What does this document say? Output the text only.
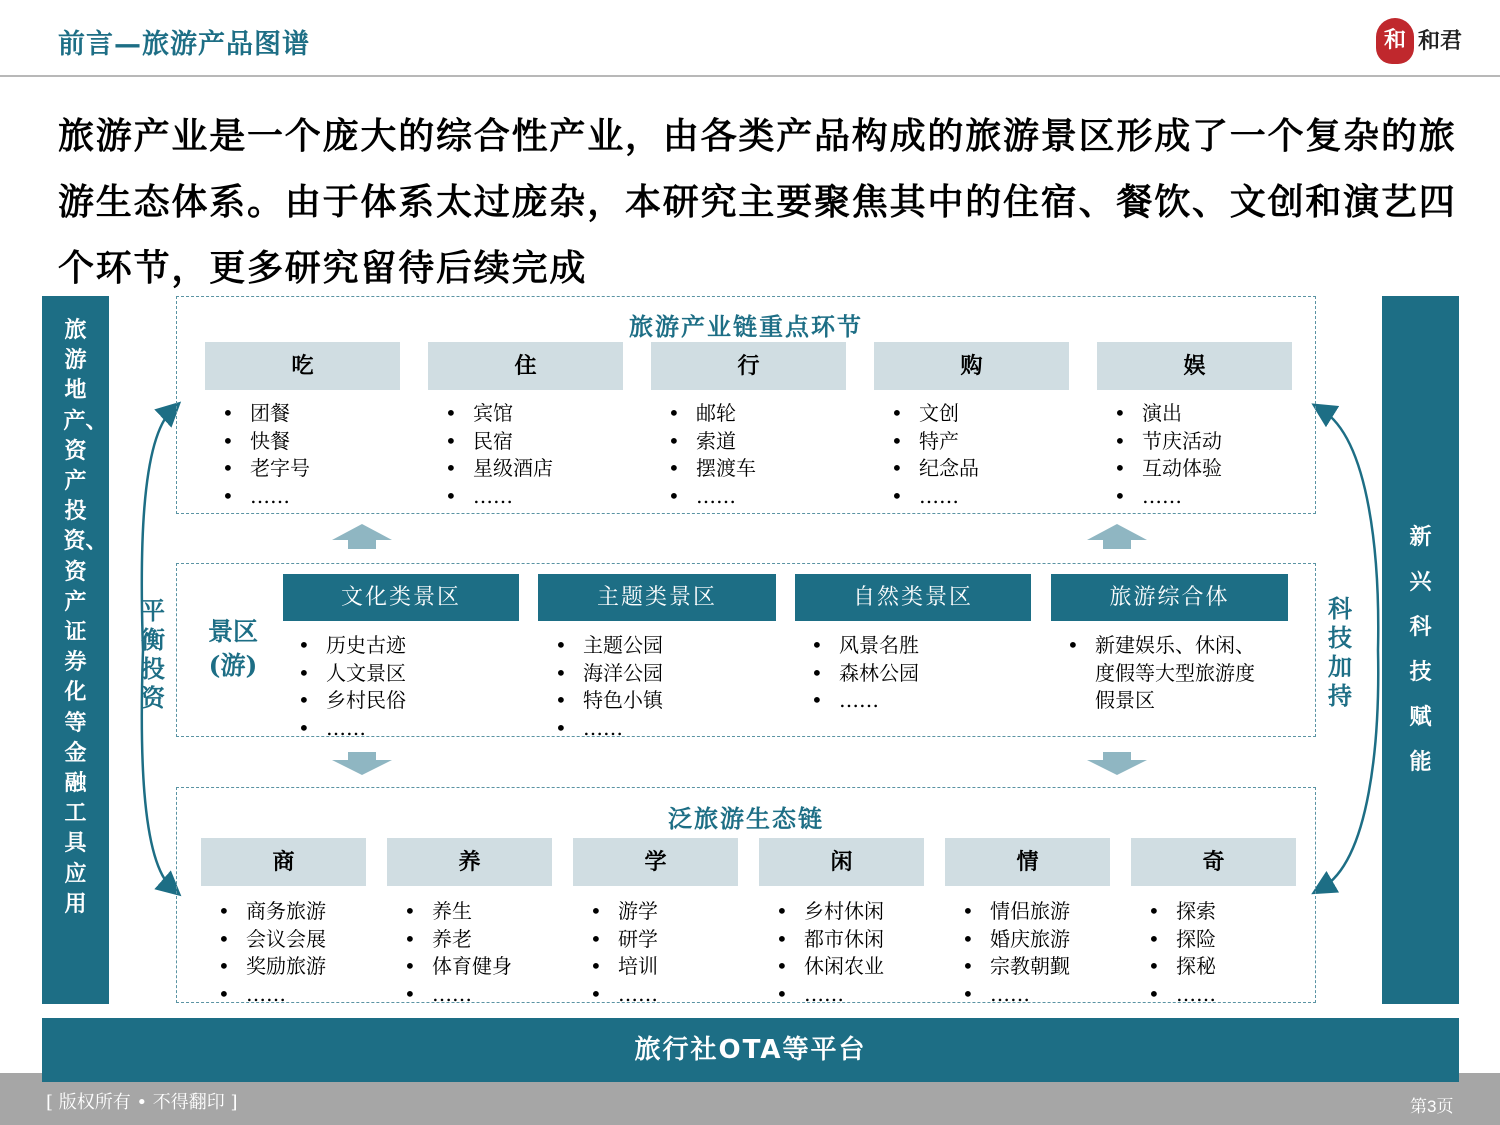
前言—旅游产品图谱	和 和君
旅游产业是一个庞大的综合性产业，由各类产品构成的旅游景区形成了一个复杂的旅游生态体系。由于体系太过庞杂，本研究主要聚焦其中的住宿、餐饮、文创和演艺四个环节，更多研究留待后续完成
旅游地产、资产投资、资产证券化等金融工具应用
新兴科技赋能
平衡投资
科技加持
旅游产业链重点环节
吃	住	行	购	娱
• 团餐
• 快餐
• 老字号
• ……
• 宾馆
• 民宿
• 星级酒店
• ……
• 邮轮
• 索道
• 摆渡车
• ……
• 文创
• 特产
• 纪念品
• ……
• 演出
• 节庆活动
• 互动体验
• ……
景区
(游)
文化类景区	主题类景区	自然类景区	旅游综合体
• 历史古迹
• 人文景区
• 乡村民俗
• ……
• 主题公园
• 海洋公园
• 特色小镇
• ……
• 风景名胜
• 森林公园
• ……
• 新建娱乐、休闲、度假等大型旅游度假景区
泛旅游生态链
商	养	学	闲	情	奇
• 商务旅游
• 会议会展
• 奖励旅游
• ……
• 养生
• 养老
• 体育健身
• ……
• 游学
• 研学
• 培训
• ……
• 乡村休闲
• 都市休闲
• 休闲农业
• ……
• 情侣旅游
• 婚庆旅游
• 宗教朝觐
• ……
• 探索
• 探险
• 探秘
• ……
旅行社OTA等平台
[ 版权所有 • 不得翻印 ]	第3页
